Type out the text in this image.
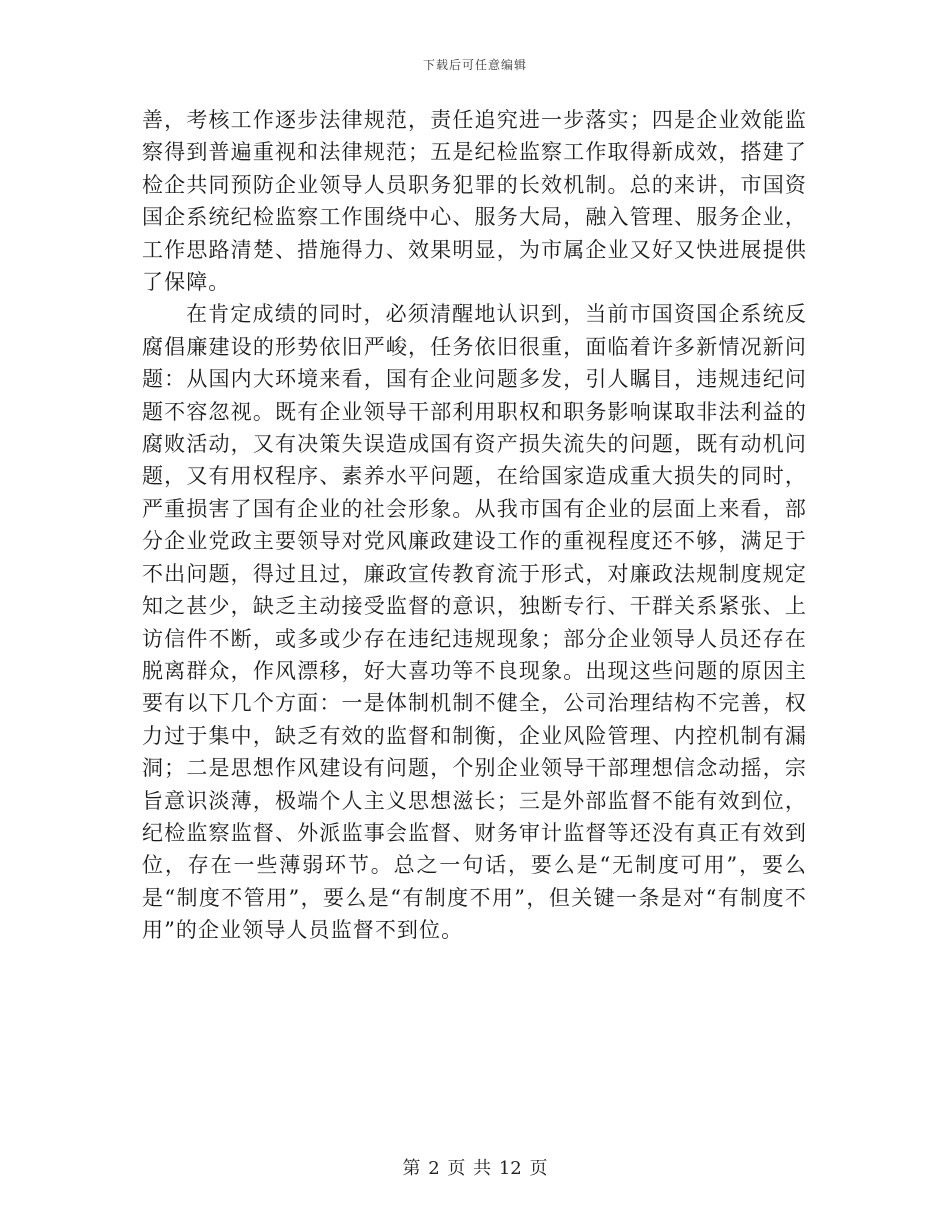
下载后可任意编辑

善，考核工作逐步法律规范，责任追究进一步落实；四是企业效能监察得到普遍重视和法律规范；五是纪检监察工作取得新成效，搭建了检企共同预防企业领导人员职务犯罪的长效机制。总的来讲，市国资国企系统纪检监察工作围绕中心、服务大局，融入管理、服务企业，工作思路清楚、措施得力、效果明显，为市属企业又好又快进展提供了保障。

在肯定成绩的同时，必须清醒地认识到，当前市国资国企系统反腐倡廉建设的形势依旧严峻，任务依旧很重，面临着许多新情况新问题：从国内大环境来看，国有企业问题多发，引人瞩目，违规违纪问题不容忽视。既有企业领导干部利用职权和职务影响谋取非法利益的腐败活动，又有决策失误造成国有资产损失流失的问题，既有动机问题，又有用权程序、素养水平问题，在给国家造成重大损失的同时，严重损害了国有企业的社会形象。从我市国有企业的层面上来看，部分企业党政主要领导对党风廉政建设工作的重视程度还不够，满足于不出问题，得过且过，廉政宣传教育流于形式，对廉政法规制度规定知之甚少，缺乏主动接受监督的意识，独断专行、干群关系紧张、上访信件不断，或多或少存在违纪违规现象；部分企业领导人员还存在脱离群众，作风漂移，好大喜功等不良现象。出现这些问题的原因主要有以下几个方面：一是体制机制不健全，公司治理结构不完善，权力过于集中，缺乏有效的监督和制衡，企业风险管理、内控机制有漏洞；二是思想作风建设有问题，个别企业领导干部理想信念动摇，宗旨意识淡薄，极端个人主义思想滋长；三是外部监督不能有效到位，纪检监察监督、外派监事会监督、财务审计监督等还没有真正有效到位，存在一些薄弱环节。总之一句话，要么是“无制度可用”，要么是“制度不管用”，要么是“有制度不用”，但关键一条是对“有制度不用”的企业领导人员监督不到位。

第 2 页 共 12 页
